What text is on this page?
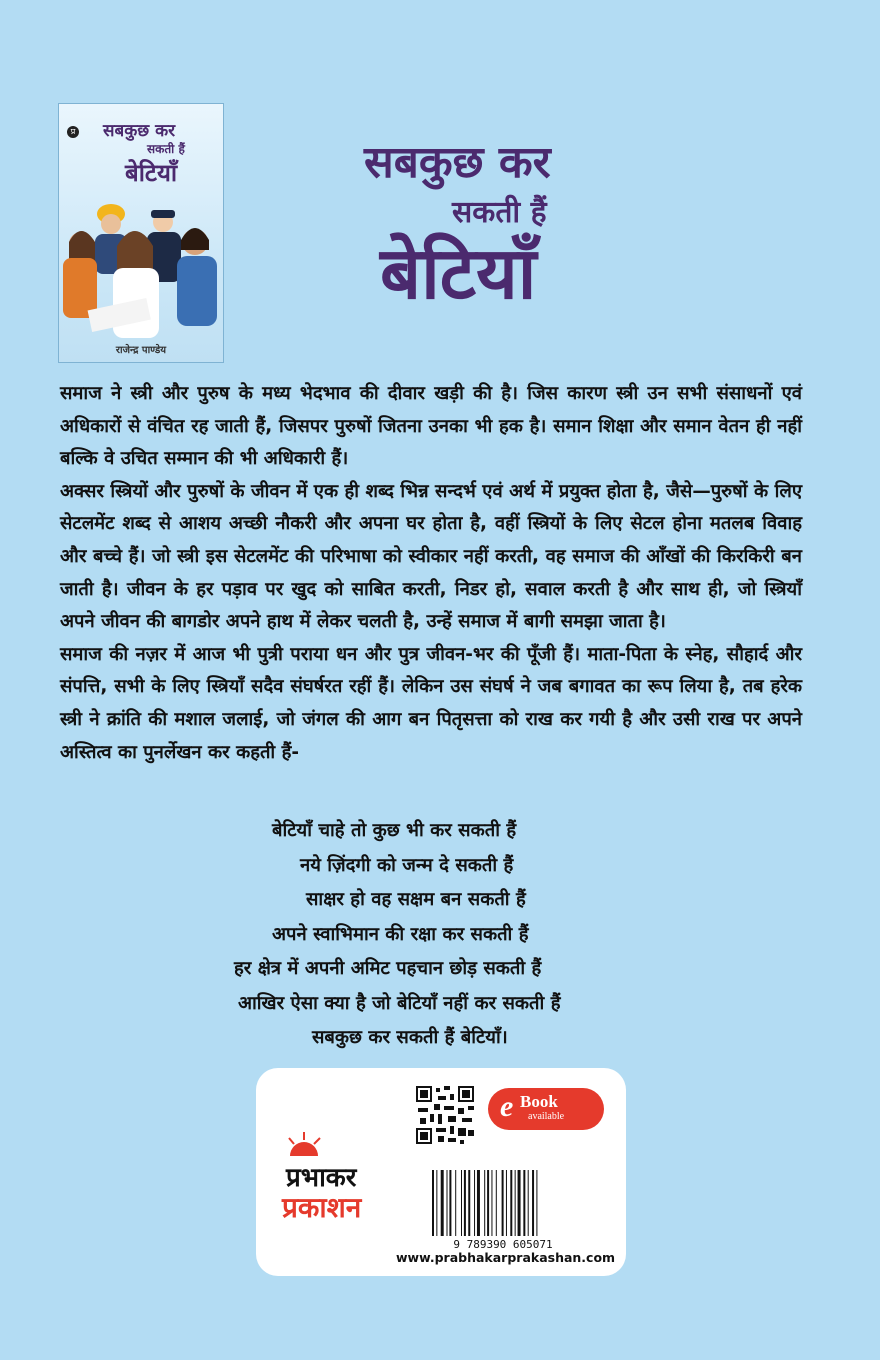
प्र सबकुछ कर
सकती हैं
बेटियाँ
राजेन्द्र पाण्डेय
सबकुछ कर
सकती हैं
बेटियाँ

समाज ने स्त्री और पुरुष के मध्य भेदभाव की दीवार खड़ी की है। जिस कारण स्त्री उन सभी संसाधनों एवं अधिकारों से वंचित रह जाती हैं, जिसपर पुरुषों जितना उनका भी हक है। समान शिक्षा और समान वेतन ही नहीं बल्कि वे उचित सम्मान की भी अधिकारी हैं।

अक्सर स्त्रियों और पुरुषों के जीवन में एक ही शब्द भिन्न सन्दर्भ एवं अर्थ में प्रयुक्त होता है, जैसे—पुरुषों के लिए सेटलमेंट शब्द से आशय अच्छी नौकरी और अपना घर होता है, वहीं स्त्रियों के लिए सेटल होना मतलब विवाह और बच्चे हैं। जो स्त्री इस सेटलमेंट की परिभाषा को स्वीकार नहीं करती, वह समाज की आँखों की किरकिरी बन जाती है। जीवन के हर पड़ाव पर खुद को साबित करती, निडर हो, सवाल करती है और साथ ही, जो स्त्रियाँ अपने जीवन की बागडोर अपने हाथ में लेकर चलती है, उन्हें समाज में बागी समझा जाता है।

समाज की नज़र में आज भी पुत्री पराया धन और पुत्र जीवन-भर की पूँजी हैं। माता-पिता के स्नेह, सौहार्द और संपत्ति, सभी के लिए स्त्रियाँ सदैव संघर्षरत रहीं हैं। लेकिन उस संघर्ष ने जब बगावत का रूप लिया है, तब हरेक स्त्री ने क्रांति की मशाल जलाई, जो जंगल की आग बन पितृसत्ता को राख कर गयी है और उसी राख पर अपने अस्तित्व का पुनर्लेखन कर कहती हैं-

बेटियाँ चाहे तो कुछ भी कर सकती हैं
नये ज़िंदगी को जन्म दे सकती हैं
साक्षर हो वह सक्षम बन सकती हैं
अपने स्वाभिमान की रक्षा कर सकती हैं
हर क्षेत्र में अपनी अमिट पहचान छोड़ सकती हैं
आखिर ऐसा क्या है जो बेटियाँ नहीं कर सकती हैं
सबकुछ कर सकती हैं बेटियाँ।
e Book
available
प्रभाकर
प्रकाशन
9 789390 605071
www.prabhakarprakashan.com
